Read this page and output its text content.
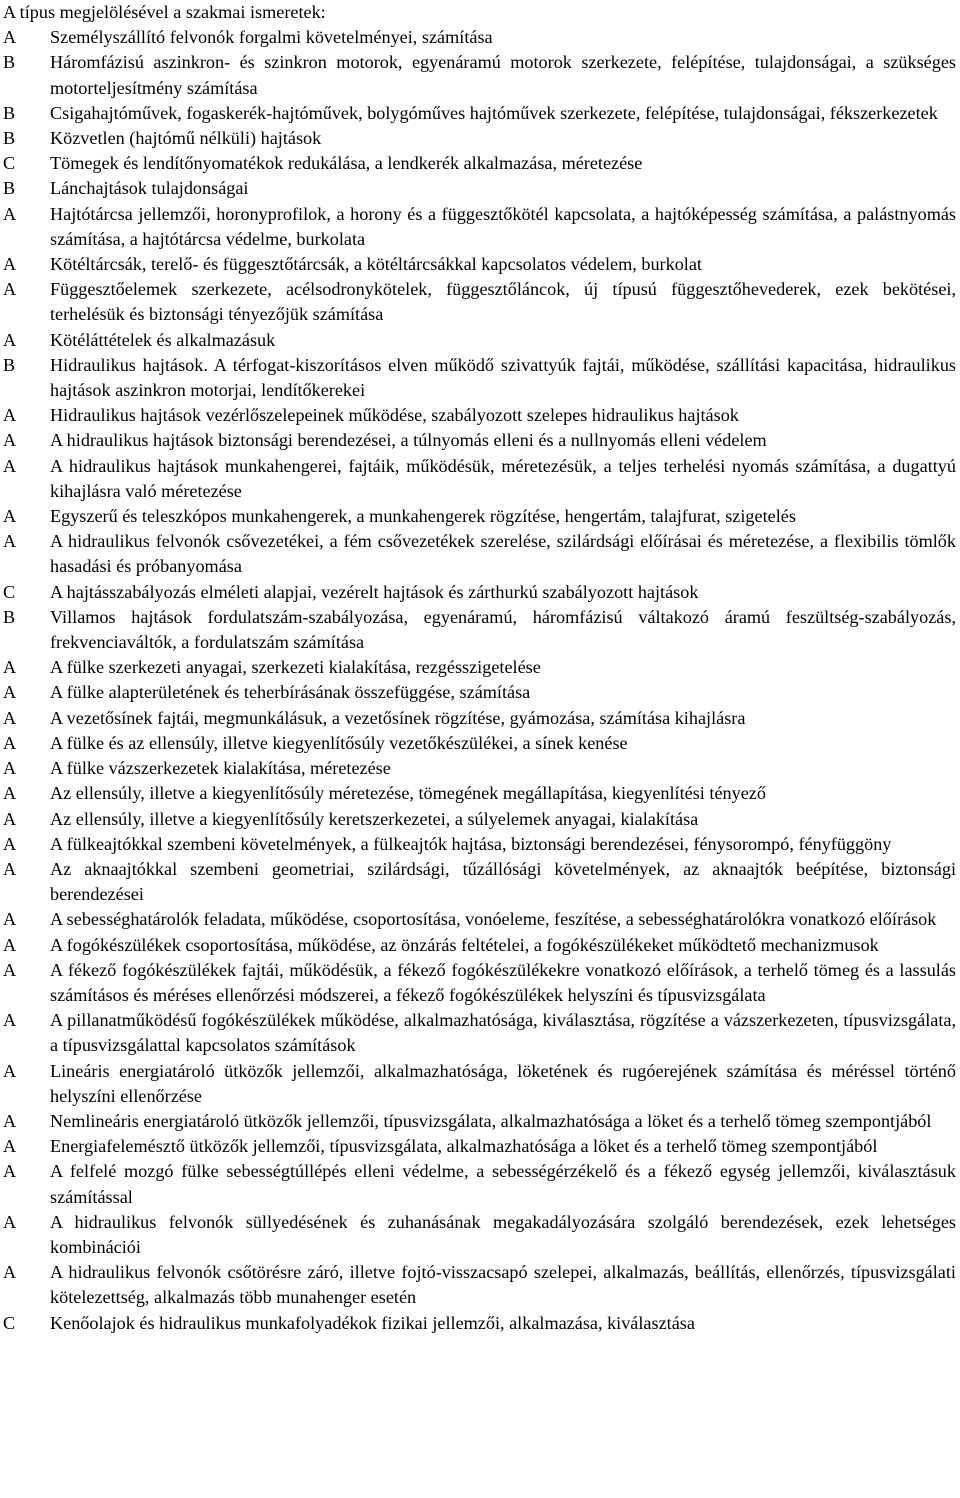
A típus megjelölésével a szakmai ismeretek:
A	Személyszállító felvonók forgalmi követelményei, számítása
B	Háromfázisú aszinkron- és szinkron motorok, egyenáramú motorok szerkezete, felépítése, tulajdonságai, a szükséges motorteljesítmény számítása
B	Csigahajtóművek, fogaskerék-hajtóművek, bolygóműves hajtóművek szerkezete, felépítése, tulajdonságai, fékszerkezetek
B	Közvetlen (hajtómű nélküli) hajtások
C	Tömegek és lendítőnyomatékok redukálása, a lendkerék alkalmazása, méretezése
B	Lánchajtások tulajdonságai
A	Hajtótárcsa jellemzői, horonyprofilok, a horony és a függesztőkötél kapcsolata, a hajtóképesség számítása, a palástnyomás számítása, a hajtótárcsa védelme, burkolata
A	Kötéltárcsák, terelő- és függesztőtárcsák, a kötéltárcsákkal kapcsolatos védelem, burkolat
A	Függesztőelemek szerkezete, acélsodronykötelek, függesztőláncok, új típusú függesztőhevederek, ezek bekötései, terhelésük és biztonsági tényezőjük számítása
A	Kötéláttételek és alkalmazásuk
B	Hidraulikus hajtások. A térfogat-kiszorításos elven működő szivattyúk fajtái, működése, szállítási kapacitása, hidraulikus hajtások aszinkron motorjai, lendítőkerekei
A	Hidraulikus hajtások vezérlőszelepeinek működése, szabályozott szelepes hidraulikus hajtások
A	A hidraulikus hajtások biztonsági berendezései, a túlnyomás elleni és a nullnyomás elleni védelem
A	A hidraulikus hajtások munkahengerei, fajtáik, működésük, méretezésük, a teljes terhelési nyomás számítása, a dugattyú kihajlásra való méretezése
A	Egyszerű és teleszkópos munkahengerek, a munkahengerek rögzítése, hengertám, talajfurat, szigetelés
A	A hidraulikus felvonók csővezetékei, a fém csővezetékek szerelése, szilárdsági előírásai és méretezése, a flexibilis tömlők hasadási és próbanyomása
C	A hajtásszabályozás elméleti alapjai, vezérelt hajtások és zárthurkú szabályozott hajtások
B	Villamos hajtások fordulatszám-szabályozása, egyenáramú, háromfázisú váltakozó áramú feszültség-szabályozás, frekvenciaváltók, a fordulatszám számítása
A	A fülke szerkezeti anyagai, szerkezeti kialakítása, rezgésszigetelése
A	A fülke alapterületének és teherbírásának összefüggése, számítása
A	A vezetősínek fajtái, megmunkálásuk, a vezetősínek rögzítése, gyámozása, számítása kihajlásra
A	A fülke és az ellensúly, illetve kiegyenlítősúly vezetőkészülékei, a sínek kenése
A	A fülke vázszerkezetek kialakítása, méretezése
A	Az ellensúly, illetve a kiegyenlítősúly méretezése, tömegének megállapítása, kiegyenlítési tényező
A	Az ellensúly, illetve a kiegyenlítősúly keretszerkezetei, a súlyelemek anyagai, kialakítása
A	A fülkeajtókkal szembeni követelmények, a fülkeajtók hajtása, biztonsági berendezései, fénysorompó, fényfüggöny
A	Az aknaajtókkal szembeni geometriai, szilárdsági, tűzállósági követelmények, az aknaajtók beépítése, biztonsági berendezései
A	A sebességhatárolók feladata, működése, csoportosítása, vonóeleme, feszítése, a sebességhatárolókra vonatkozó előírások
A	A fogókészülékek csoportosítása, működése, az önzárás feltételei, a fogókészülékeket működtető mechanizmusok
A	A fékező fogókészülékek fajtái, működésük, a fékező fogókészülékekre vonatkozó előírások, a terhelő tömeg és a lassulás számításos és méréses ellenőrzési módszerei, a fékező fogókészülékek helyszíni és típusvizsgálata
A	A pillanatműködésű fogókészülékek működése, alkalmazhatósága, kiválasztása, rögzítése a vázszerkezeten, típusvizsgálata, a típusvizsgálattal kapcsolatos számítások
A	Lineáris energiatároló ütközők jellemzői, alkalmazhatósága, löketének és rugóerejének számítása és méréssel történő helyszíni ellenőrzése
A	Nemlineáris energiatároló ütközők jellemzői, típusvizsgálata, alkalmazhatósága a löket és a terhelő tömeg szempontjából
A	Energiafelemésztő ütközők jellemzői, típusvizsgálata, alkalmazhatósága a löket és a terhelő tömeg szempontjából
A	A felfelé mozgó fülke sebességtúllépés elleni védelme, a sebességérzékelő és a fékező egység jellemzői, kiválasztásuk számítással
A	A hidraulikus felvonók süllyedésének és zuhanásának megakadályozására szolgáló berendezések, ezek lehetséges kombinációi
A	A hidraulikus felvonók csőtörésre záró, illetve fojtó-visszacsapó szelepei, alkalmazás, beállítás, ellenőrzés, típusvizsgálati kötelezettség, alkalmazás több munahenger esetén
C	Kenőolajok és hidraulikus munkafolyadékok fizikai jellemzői, alkalmazása, kiválasztása
